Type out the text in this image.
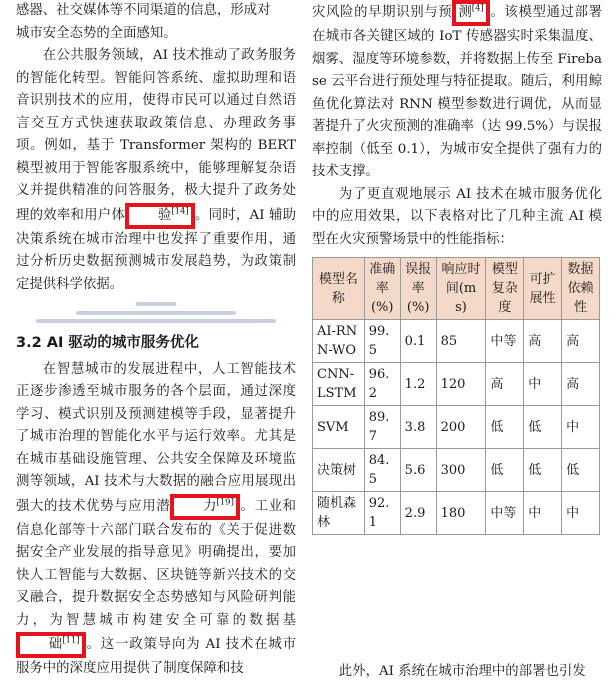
感器、社交媒体等不同渠道的信息，形成对
城市安全态势的全面感知。
在公共服务领域，AI 技术推动了政务服务的智能化转型。智能问答系统、虚拟助理和语音识别技术的应用，使得市民可以通过自然语言交互方式快速获取政策信息、办理政务事项。例如，基于 Transformer 架构的 BERT 模型被用于智能客服系统中，能够理解复杂语义并提供精准的问答服务，极大提升了政务处理的效率和用户体 验[14] 。同时，AI 辅助决策系统在城市治理中也发挥了重要作用，通过分析历史数据预测城市发展趋势，为政策制定提供科学依据。
3.2 AI 驱动的城市服务优化
在智慧城市的发展进程中，人工智能技术正逐步渗透至城市服务的各个层面，通过深度学习、模式识别及预测建模等手段，显著提升了城市治理的智能化水平与运行效率。尤其是在城市基础设施管理、公共安全保障及环境监测等领域，AI 技术与大数据的融合应用展现出强大的技术优势与应用潜 力[19] 。工业和信息化部等十六部门联合发布的《关于促进数据安全产业发展的指导意见》明确提出，要加快人工智能与大数据、区块链等新兴技术的交叉融合，提升数据安全态势感知与风险研判能力，为智慧城市构建安全可靠的数据基础[11] 。这一政策导向为 AI 技术在城市服务中的深度应用提供了制度保障和技
灾风险的早期识别与预 测[4] 。该模型通过部署在城市各关键区域的 IoT 传感器实时采集温度、烟雾、湿度等环境参数，并将数据上传至 Firebase 云平台进行预处理与特征提取。随后，利用鲸鱼优化算法对 RNN 模型参数进行调优，从而显著提升了火灾预测的准确率（达 99.5%）与误报率控制（低至 0.1），为城市安全提供了强有力的技术支撑。
为了更直观地展示 AI 技术在城市服务优化中的应用效果，以下表格对比了几种主流 AI 模型在火灾预警场景中的性能指标：
模型名称	准确率(%)	误报率(%)	响应时间(ms)	模型复杂度	可扩展性	数据依赖性
AI-RNN-WO	99.5	0.1	85	中等	高	高
CNN-LSTM	96.2	1.2	120	高	中	高
SVM	89.7	3.8	200	低	低	中
决策树	84.5	5.6	300	低	低	低
随机森林	92.1	2.9	180	中等	中	中
此外，AI 系统在城市治理中的部署也引发
